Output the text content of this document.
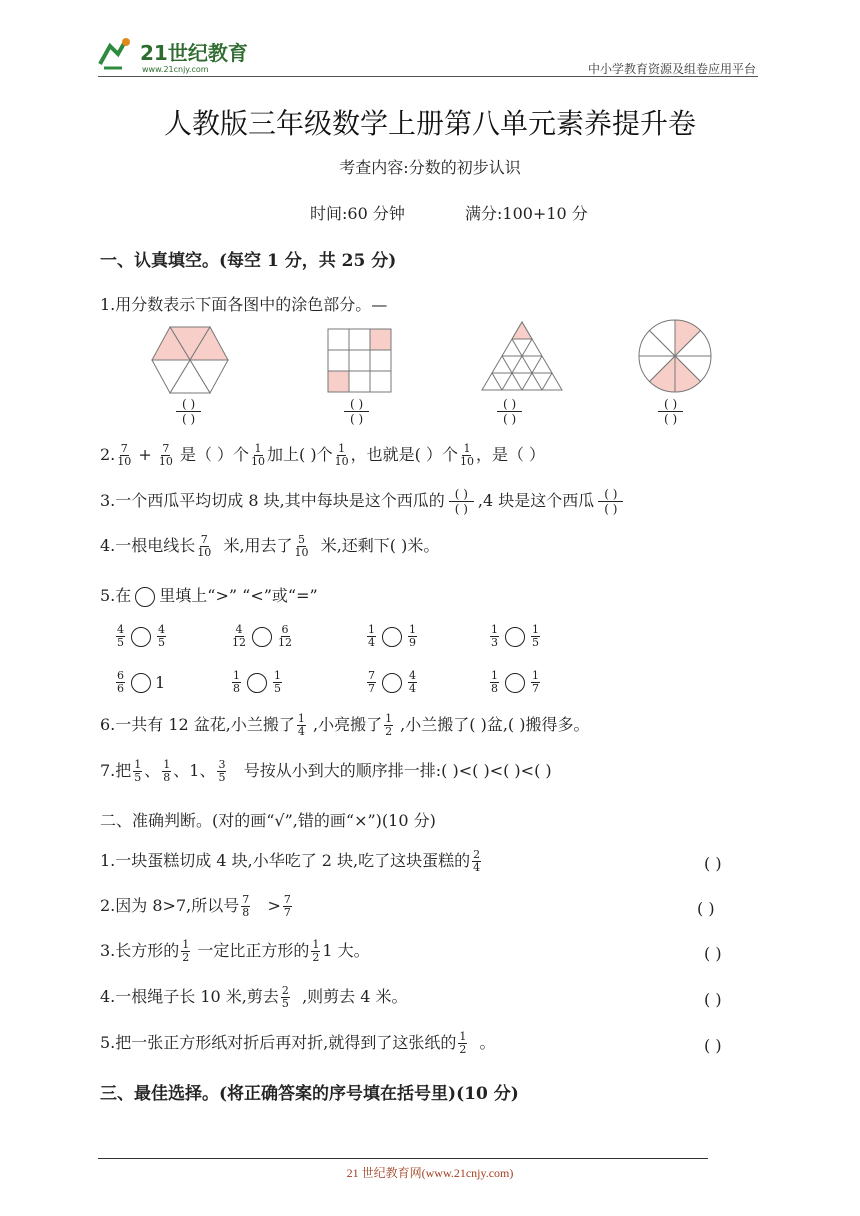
21世纪教育
www.21cnjy.com	中小学教育资源及组卷应用平台
人教版三年级数学上册第八单元素养提升卷
考查内容:分数的初步认识
时间:60 分钟	满分:100+10 分
一、认真填空。(每空 1 分，共 25 分)
1.用分数表示下面各图中的涂色部分。—
$\frac{( )}{( )}$	$\frac{( )}{( )}$	$\frac{( )}{( )}$	$\frac{( )}{( )}$
2. $\frac{7}{10} + \frac{7}{10}$ 是（ ）个 $\frac{1}{10}$ 加上( )个 $\frac{1}{10}$ ，也就是( ）个 $\frac{1}{10}$ ，是（ ）
3.一个西瓜平均切成 8 块,其中每块是这个西瓜的 $\frac{( )}{( )} ,4$ 块是这个西瓜 $\frac{( )}{( )}$
4.一根电线长 $\frac{7}{10}$ 米,用去了 $\frac{5}{10}$ 米,还剩下( )米。
5.在 里填上“>” “<”或“=”
$\frac{4}{5}$	$\frac{4}{5}$	$\frac{4}{12}$	$\frac{6}{12}$	$\frac{1}{4}$	$\frac{1}{9}$	$\frac{1}{3}$	$\frac{1}{5}$
$\frac{6}{6} 1$	$\frac{1}{8}$	$\frac{1}{5}$	$\frac{7}{7}$	$\frac{4}{4}$	$\frac{1}{8}$	$\frac{1}{7}$
6.一共有 12 盆花,小兰搬了 $\frac{1}{4}$ ,小亮搬了 $\frac{1}{2}$ ,小兰搬了( )盆,( )搬得多。
7.把 $\frac{1}{5}$ 、 $\frac{1}{8}$ 、1、 $\frac{3}{5}$ 号按从小到大的顺序排一排:( )<( )<( )<( )
二、准确判断。(对的画“√”,错的画“×”)(10 分)
1.一块蛋糕切成 4 块,小华吃了 2 块,吃了这块蛋糕的 $\frac{2}{4}$	( )
2.因为 8>7,所以号 $\frac{7}{8} > \frac{7}{7}$	( )
3.长方形的 $\frac{1}{2}$ 一定比正方形的 $\frac{1}{2} 1$ 大。	( )
4.一根绳子长 10 米,剪去 $\frac{2}{5}$ ,则剪去 4 米。	( )
5.把一张正方形纸对折后再对折,就得到了这张纸的 $\frac{1}{2}$ 。	( )
三、最佳选择。(将正确答案的序号填在括号里)(10 分)
21 世纪教育网(www.21cnjy.com)
